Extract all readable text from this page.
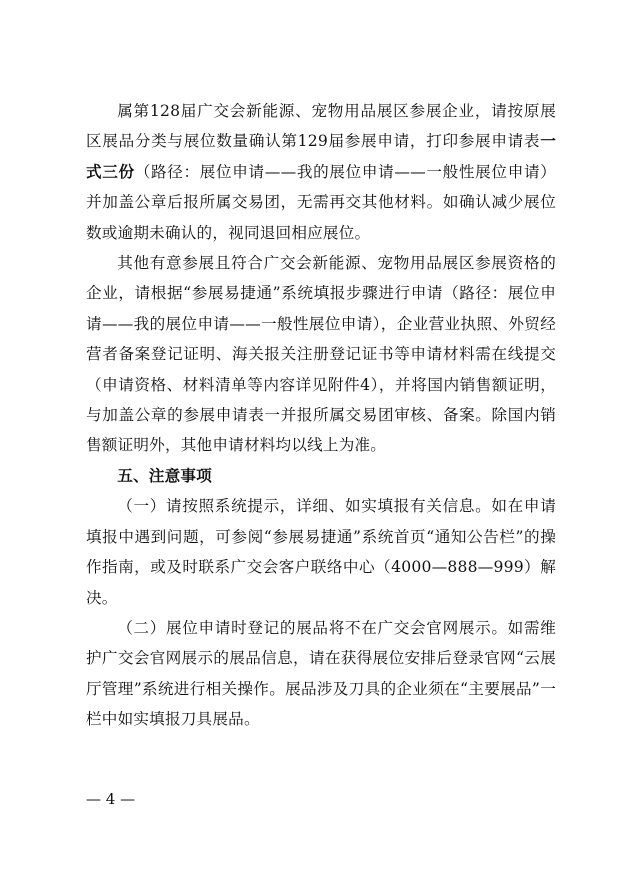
属第128届广交会新能源、宠物用品展区参展企业，请按原展区展品分类与展位数量确认第129届参展申请，打印参展申请表一式三份（路径：展位申请——我的展位申请——一般性展位申请）并加盖公章后报所属交易团，无需再交其他材料。如确认减少展位数或逾期未确认的，视同退回相应展位。

其他有意参展且符合广交会新能源、宠物用品展区参展资格的企业，请根据“参展易捷通”系统填报步骤进行申请（路径：展位申请——我的展位申请——一般性展位申请），企业营业执照、外贸经营者备案登记证明、海关报关注册登记证书等申请材料需在线提交（申请资格、材料清单等内容详见附件4），并将国内销售额证明，与加盖公章的参展申请表一并报所属交易团审核、备案。除国内销售额证明外，其他申请材料均以线上为准。

五、注意事项

（一）请按照系统提示，详细、如实填报有关信息。如在申请填报中遇到问题，可参阅“参展易捷通”系统首页“通知公告栏”的操作指南，或及时联系广交会客户联络中心（4000—888—999）解决。

（二）展位申请时登记的展品将不在广交会官网展示。如需维护广交会官网展示的展品信息，请在获得展位安排后登录官网“云展厅管理”系统进行相关操作。展品涉及刀具的企业须在“主要展品”一栏中如实填报刀具展品。

— 4 —
